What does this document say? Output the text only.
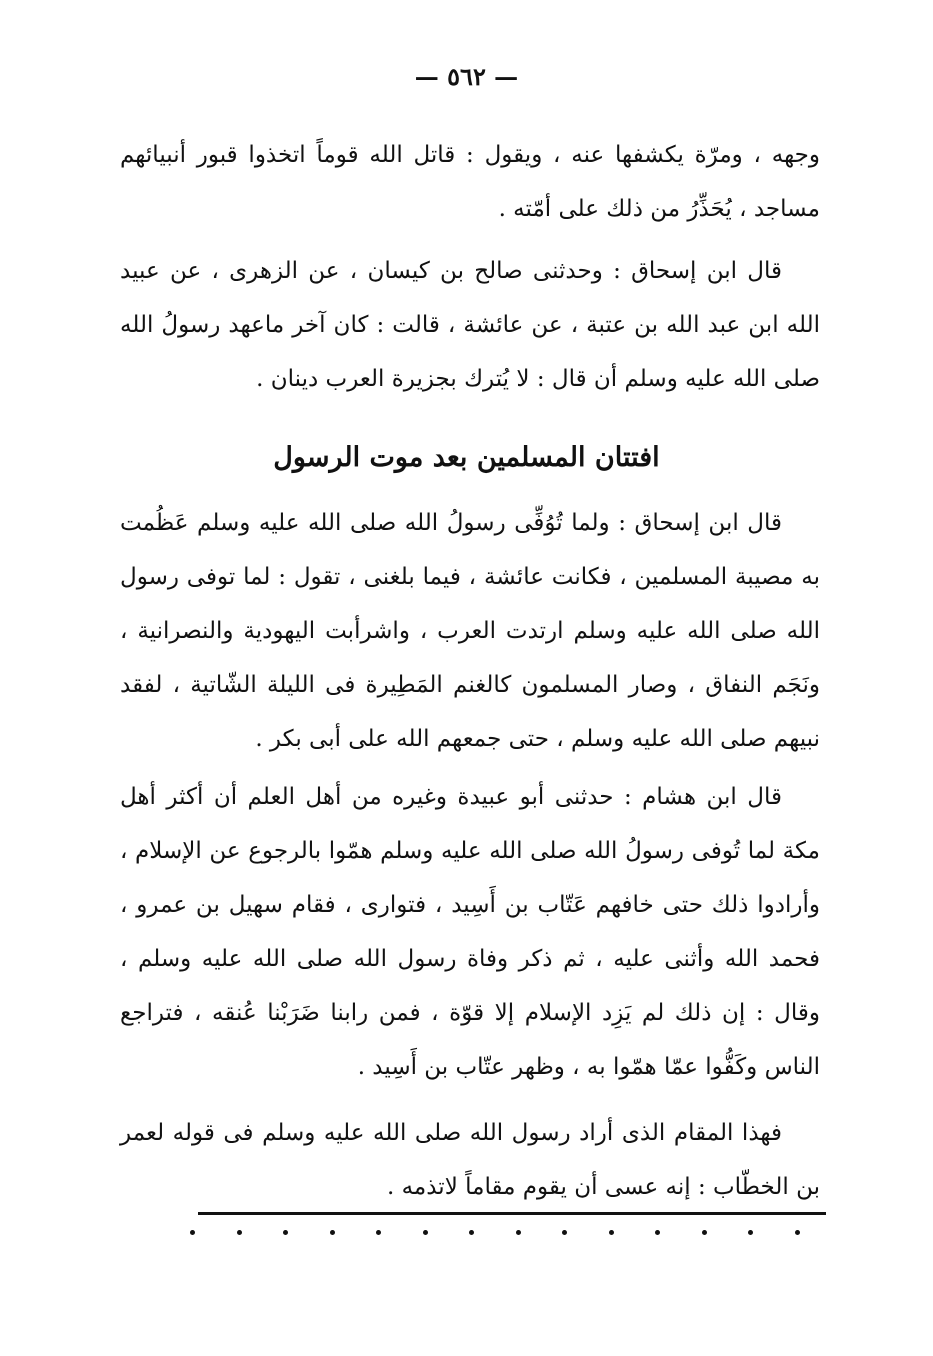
— ٥٦٢ —

وجهه ، ومرّة يكشفها عنه ، ويقول : قاتل الله قوماً اتخذوا قبور أنبيائهم مساجد ، يُحَذِّرُ من ذلك على أمّته .

قال ابن إسحاق : وحدثنى صالح بن كيسان ، عن الزهرى ، عن عبيد الله ابن عبد الله بن عتبة ، عن عائشة ، قالت : كان آخر ماعهد رسولُ الله صلى الله عليه وسلم أن قال : لا يُترك بجزيرة العرب دينان .

افتتان المسلمين بعد موت الرسول

قال ابن إسحاق : ولما تُوُفِّى رسولُ الله صلى الله عليه وسلم عَظُمت به مصيبة المسلمين ، فكانت عائشة ، فيما بلغنى ، تقول : لما توفى رسول الله صلى الله عليه وسلم ارتدت العرب ، واشرأبت اليهودية والنصرانية ، ونَجَم النفاق ، وصار المسلمون كالغنم المَطِيرة فى الليلة الشّاتية ، لفقد نبيهم صلى الله عليه وسلم ، حتى جمعهم الله على أبى بكر .

قال ابن هشام : حدثنى أبو عبيدة وغيره من أهل العلم أن أكثر أهل مكة لما تُوفى رسولُ الله صلى الله عليه وسلم همّوا بالرجوع عن الإسلام ، وأرادوا ذلك حتى خافهم عَتّاب بن أَسِيد ، فتوارى ، فقام سهيل بن عمرو ، فحمد الله وأثنى عليه ، ثم ذكر وفاة رسول الله صلى الله عليه وسلم ، وقال : إن ذلك لم يَزِد الإسلام إلا قوّة ، فمن رابنا ضَرَبْنا عُنقه ، فتراجع الناس وكَفُّوا عمّا همّوا به ، وظهر عتّاب بن أَسِيد .

فهذا المقام الذى أراد رسول الله صلى الله عليه وسلم فى قوله لعمر بن الخطّاب : إنه عسى أن يقوم مقاماً لاتذمه .
